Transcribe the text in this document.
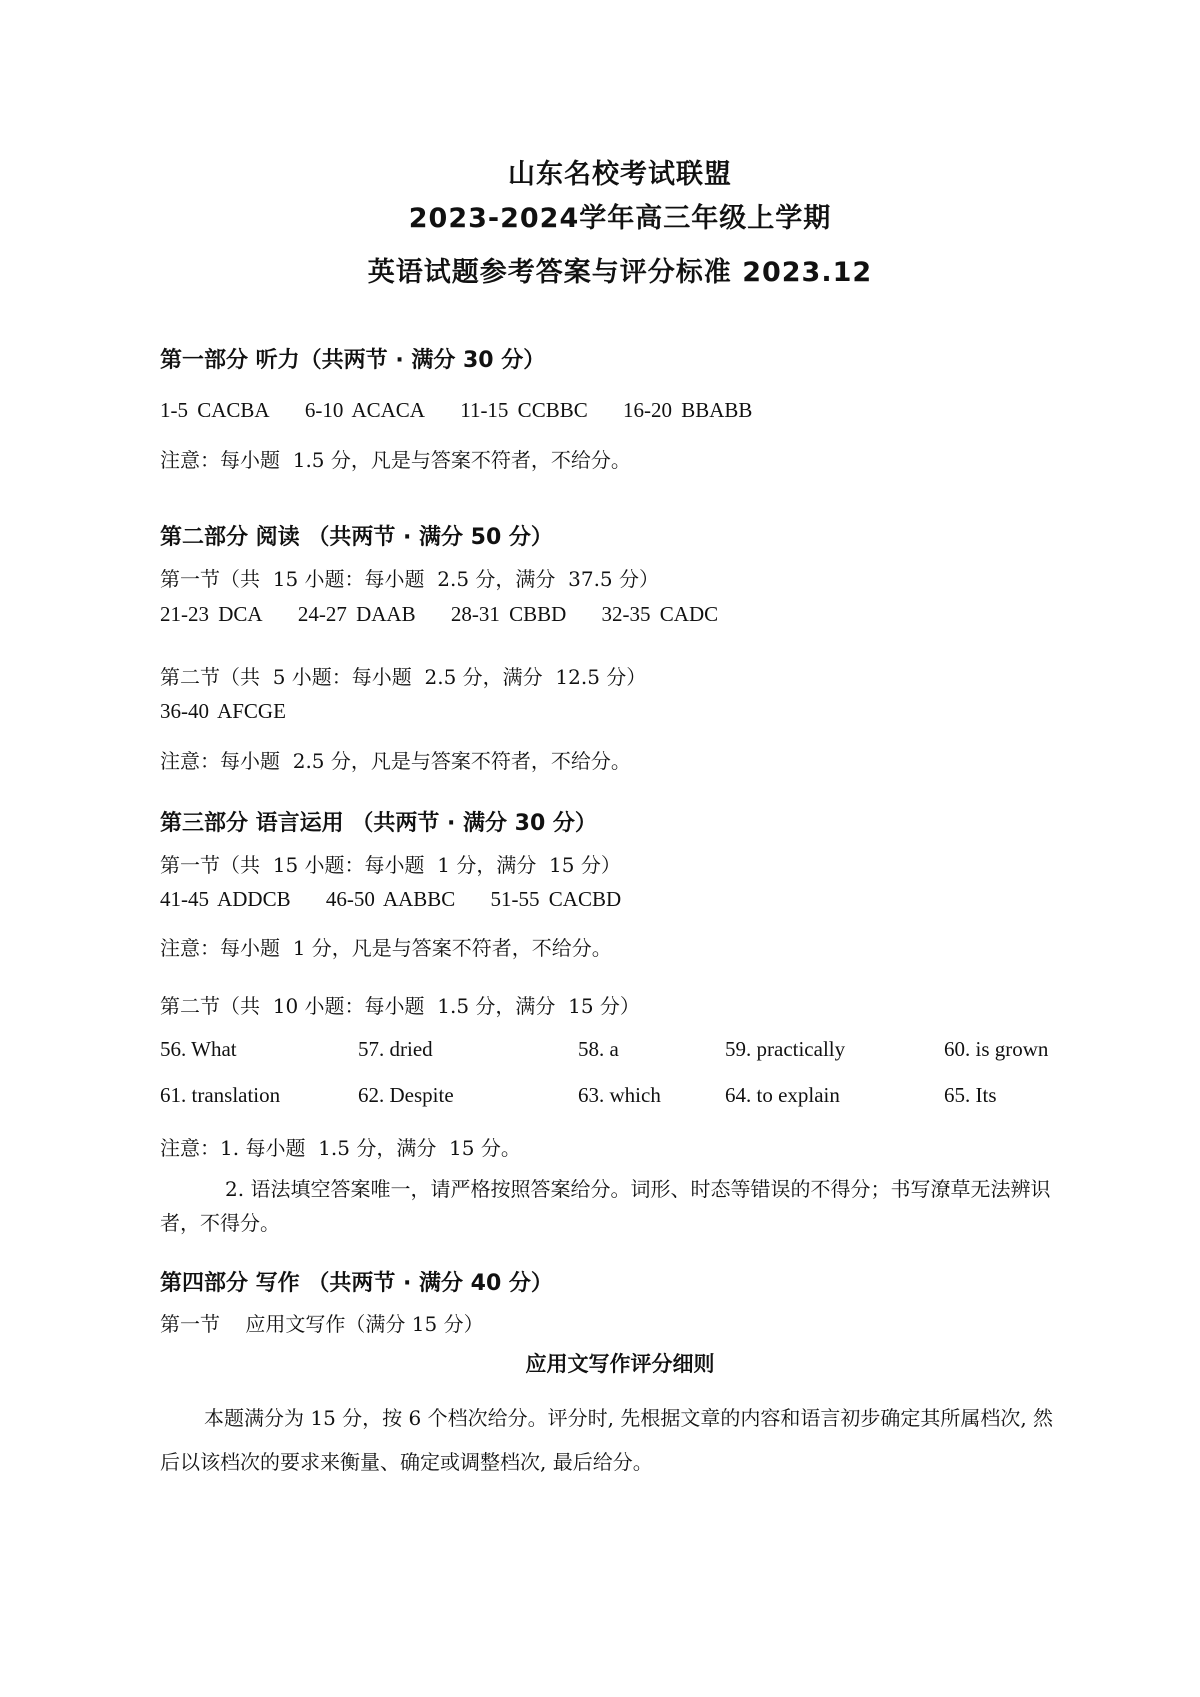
山东名校考试联盟
2023-2024学年高三年级上学期
英语试题参考答案与评分标准 2023.12
第一部分 听力（共两节 · 满分 30 分）
1-5 CACBA 6-10 ACACA 11-15 CCBBC 16-20 BBABB
注意：每小题  1.5 分，凡是与答案不符者，不给分。
第二部分 阅读 （共两节 · 满分 50 分）
第一节（共  15 小题：每小题  2.5 分，满分  37.5 分）
21-23 DCA 24-27 DAAB 28-31 CBBD 32-35 CADC
第二节（共  5 小题：每小题  2.5 分，满分  12.5 分）
36-40 AFCGE
注意：每小题  2.5 分，凡是与答案不符者，不给分。
第三部分 语言运用 （共两节 · 满分 30 分）
第一节（共  15 小题：每小题  1 分，满分  15 分）
41-45 ADDCB 46-50 AABBC 51-55 CACBD
注意：每小题  1 分，凡是与答案不符者，不给分。
第二节（共  10 小题：每小题  1.5 分，满分  15 分）
56. What	57. dried	58. a	59. practically	60. is grown
61. translation	62. Despite	63. which	64. to explain	65. Its
注意：1. 每小题  1.5 分，满分  15 分。
2. 语法填空答案唯一，请严格按照答案给分。词形、时态等错误的不得分；书写潦草无法辨识者，不得分。
第四部分 写作 （共两节 · 满分 40 分）
第一节    应用文写作（满分 15 分）
应用文写作评分细则
本题满分为 15 分，按 6 个档次给分。评分时, 先根据文章的内容和语言初步确定其所属档次, 然后以该档次的要求来衡量、确定或调整档次, 最后给分。
